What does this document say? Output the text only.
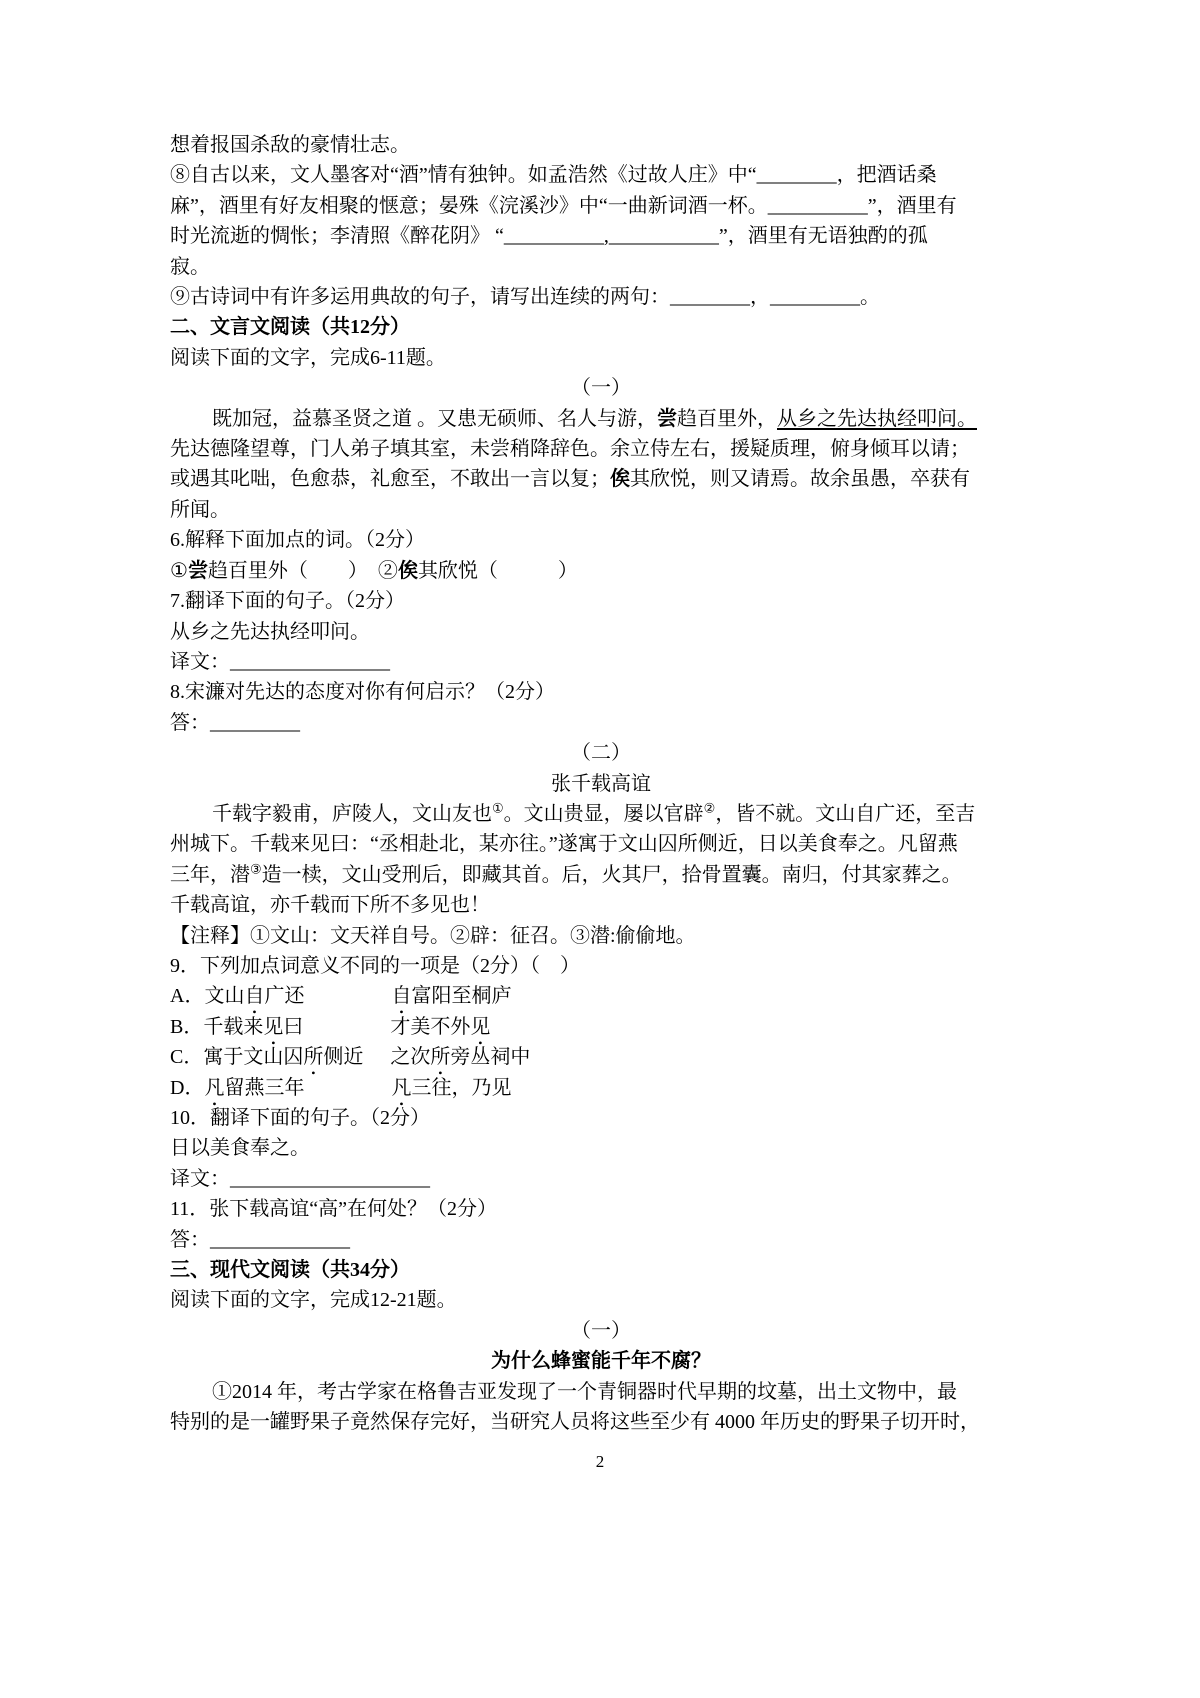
想着报国杀敌的豪情壮志。
⑧自古以来，文人墨客对“酒”情有独钟。如孟浩然《过故人庄》中“________，把酒话桑
麻”，酒里有好友相聚的惬意；晏殊《浣溪沙》中“一曲新词酒一杯。__________”，酒里有
时光流逝的惆怅；李清照《醉花阴》 “__________,___________”，酒里有无语独酌的孤
寂。
⑨古诗词中有许多运用典故的句子，请写出连续的两句：________，_________。
二、文言文阅读（共12分）
阅读下面的文字，完成6-11题。
（一）
既加冠，益慕圣贤之道 。又患无硕师、名人与游，尝趋百里外，从乡之先达执经叩问。
先达德隆望尊，门人弟子填其室，未尝稍降辞色。余立侍左右，援疑质理，俯身倾耳以请；
或遇其叱咄，色愈恭，礼愈至，不敢出一言以复；俟其欣悦，则又请焉。故余虽愚，卒获有
所闻。
6.解释下面加点的词。（2分）
①尝趋百里外（　　）　②俟其欣悦（　　　）
7.翻译下面的句子。（2分）
从乡之先达执经叩问。
译文：________________
8.宋濂对先达的态度对你有何启示？（2分）
答：_________
（二）
张千载高谊
千载字毅甫，庐陵人，文山友也①。文山贵显，屡以官辟②，皆不就。文山自广还，至吉
州城下。千载来见曰：“丞相赴北，某亦往。”遂寓于文山囚所侧近，日以美食奉之。凡留燕
三年，潜③造一椟，文山受刑后，即藏其首。后，火其尸，拾骨置囊。南归，付其家葬之。
千载高谊，亦千载而下所不多见也！
【注释】①文山：文天祥自号。②辟：征召。③潜:偷偷地。
9．下列加点词意义不同的一项是（2分）（　）
A．文山自广还	自富阳至桐庐
B．千载来见曰	才美不外见
C．寓于文山囚所侧近 之次所旁丛祠中
D．凡留燕三年	凡三往，乃见
10．翻译下面的句子。（2分）
日以美食奉之。
译文：____________________
11．张下载高谊“高”在何处？（2分）
答：______________
三、现代文阅读（共34分）
阅读下面的文字，完成12-21题。
（一）
为什么蜂蜜能千年不腐？
①2014 年，考古学家在格鲁吉亚发现了一个青铜器时代早期的坟墓，出土文物中，最
特别的是一罐野果子竟然保存完好，当研究人员将这些至少有 4000 年历史的野果子切开时，
2
